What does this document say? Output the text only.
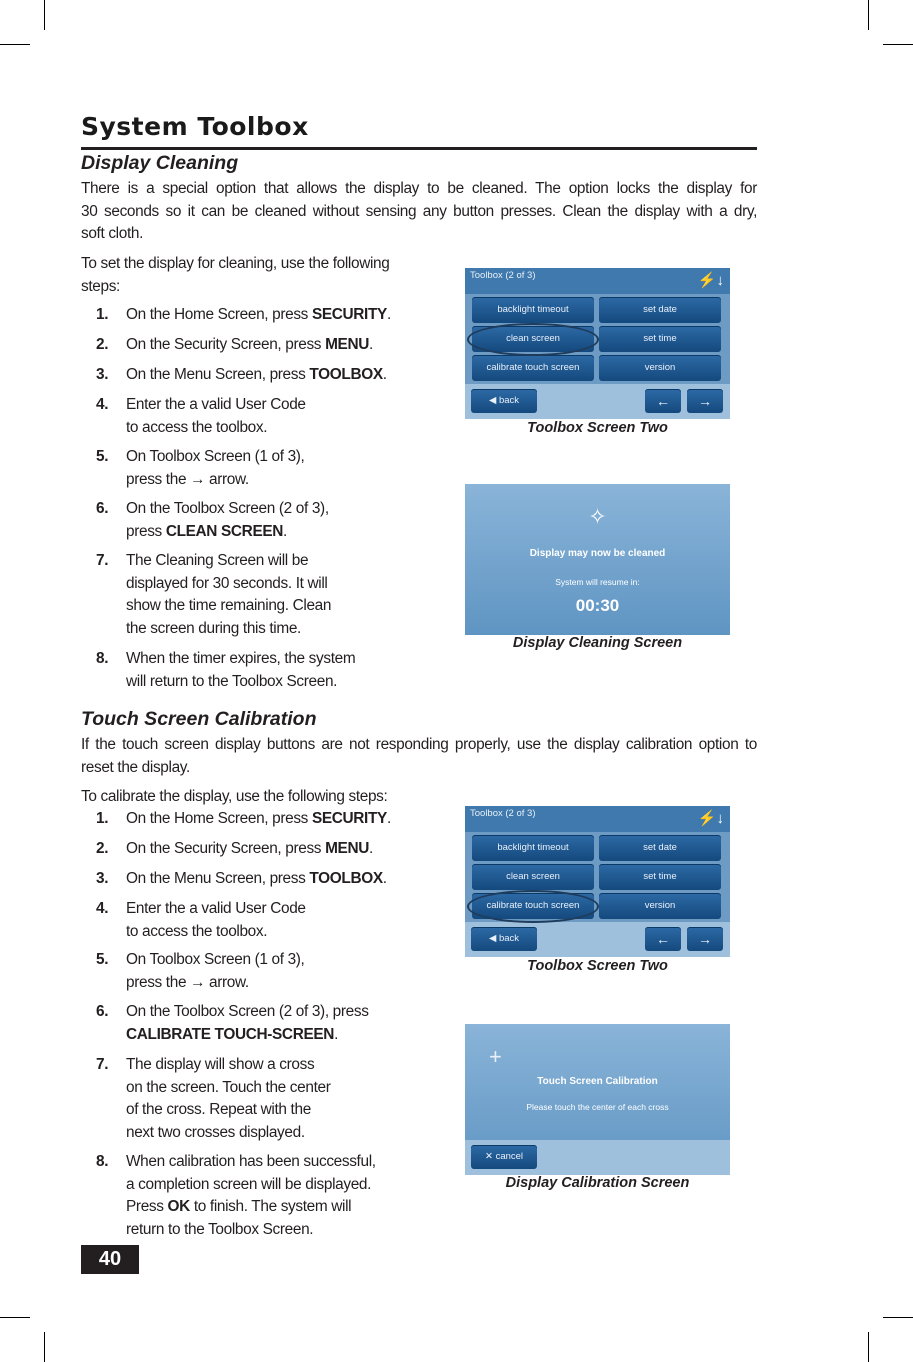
System Toolbox
Display Cleaning
There is a special option that allows the display to be cleaned. The option locks the display for
30 seconds so it can be cleaned without sensing any button presses. Clean the display with a dry,
soft cloth.
To set the display for cleaning, use the following
steps:
1.	On the Home Screen, press SECURITY.
2.	On the Security Screen, press MENU.
3.	On the Menu Screen, press TOOLBOX.
4.	Enter the a valid User Code
to access the toolbox.
5.	On Toolbox Screen (1 of 3),
press the → arrow.
6.	On the Toolbox Screen (2 of 3),
press CLEAN SCREEN.
7.	The Cleaning Screen will be
displayed for 30 seconds. It will
show the time remaining. Clean
the screen during this time.
8.	When the timer expires, the system
will return to the Toolbox Screen.
Toolbox (2 of 3)	⚡↓
backlight timeout	set date
clean screen	set time
calibrate touch screen	version
◀ back	←	→
Toolbox Screen Two
✧
Display may now be cleaned
System will resume in:
00:30
Display Cleaning Screen
Touch Screen Calibration
If the touch screen display buttons are not responding properly, use the display calibration option to
reset the display.
To calibrate the display, use the following steps:
1.	On the Home Screen, press SECURITY.
2.	On the Security Screen, press MENU.
3.	On the Menu Screen, press TOOLBOX.
4.	Enter the a valid User Code
to access the toolbox.
5.	On Toolbox Screen (1 of 3),
press the → arrow.
6.	On the Toolbox Screen (2 of 3), press
CALIBRATE TOUCH-SCREEN.
7.	The display will show a cross
on the screen. Touch the center
of the cross. Repeat with the
next two crosses displayed.
8.	When calibration has been successful,
a completion screen will be displayed.
Press OK to finish. The system will
return to the Toolbox Screen.
Toolbox (2 of 3)	⚡↓
backlight timeout	set date
clean screen	set time
calibrate touch screen	version
◀ back	←	→
Toolbox Screen Two
+
Touch Screen Calibration
Please touch the center of each cross
✕ cancel
Display Calibration Screen
40
